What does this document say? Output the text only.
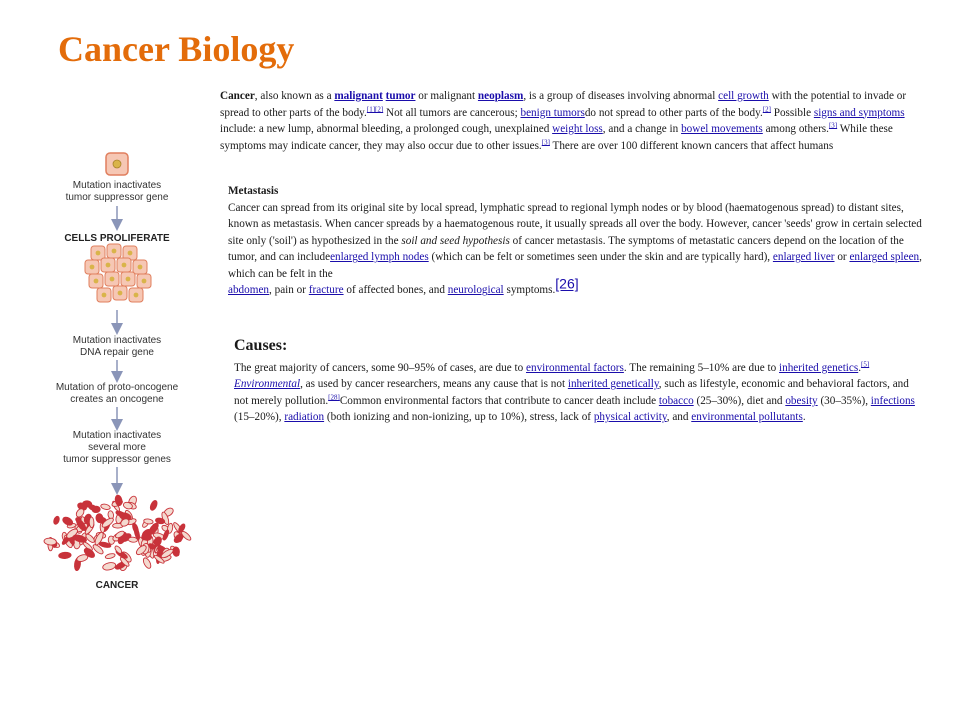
Cancer Biology
Cancer, also known as a malignant tumor or malignant neoplasm, is a group of diseases involving abnormal cell growth with the potential to invade or spread to other parts of the body.[1][2] Not all tumors are cancerous; benign tumorsdo not spread to other parts of the body.[2] Possible signs and symptoms include: a new lump, abnormal bleeding, a prolonged cough, unexplained weight loss, and a change in bowel movements among others.[3] While these symptoms may indicate cancer, they may also occur due to other issues.[3] There are over 100 different known cancers that affect humans
Metastasis
Cancer can spread from its original site by local spread, lymphatic spread to regional lymph nodes or by blood (haematogenous spread) to distant sites, known as metastasis. When cancer spreads by a haematogenous route, it usually spreads all over the body. However, cancer 'seeds' grow in certain selected site only ('soil') as hypothesized in the soil and seed hypothesis of cancer metastasis. The symptoms of metastatic cancers depend on the location of the tumor, and can includeenlarged lymph nodes (which can be felt or sometimes seen under the skin and are typically hard), enlarged liver or enlarged spleen, which can be felt in the
abdomen, pain or fracture of affected bones, and neurological symptoms.[26]
Causes:
The great majority of cancers, some 90–95% of cases, are due to environmental factors. The remaining 5–10% are due to inherited genetics.[5] Environmental, as used by cancer researchers, means any cause that is not inherited genetically, such as lifestyle, economic and behavioral factors, and not merely pollution.[28]Common environmental factors that contribute to cancer death include tobacco (25–30%), diet and obesity (30–35%), infections (15–20%), radiation (both ionizing and non-ionizing, up to 10%), stress, lack of physical activity, and environmental pollutants.
Mutation inactivates
tumor suppressor gene
CELLS PROLIFERATE
Mutation inactivates
DNA repair gene
Mutation of proto-oncogene
creates an oncogene
Mutation inactivates
several more
tumor suppressor genes
CANCER
